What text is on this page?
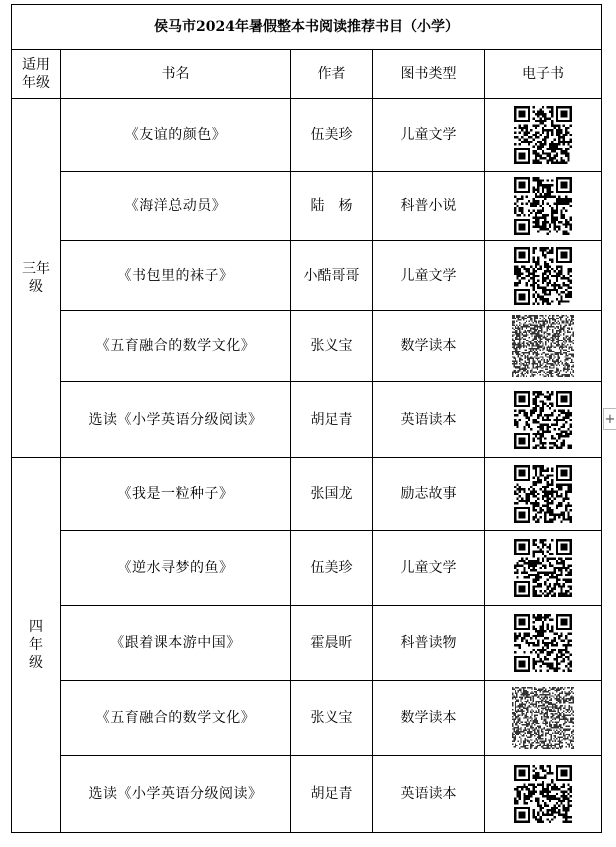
侯马市2024年暑假整本书阅读推荐书目（小学）				
适用
年级	书名	作者	图书类型	电子书
三年
级	《友谊的颜色》	伍美珍	儿童文学	

	《海洋总动员》	陆　杨	科普小说	

	《书包里的袜子》	小酷哥哥	儿童文学	

	《五育融合的数学文化》	张义宝	数学读本	

	选读《小学英语分级阅读》	胡足青	英语读本	

四
年
级	《我是一粒种子》	张国龙	励志故事	

	《逆水寻梦的鱼》	伍美珍	儿童文学	

	《跟着课本游中国》	霍晨昕	科普读物	

	《五育融合的数学文化》	张义宝	数学读本	

	选读《小学英语分级阅读》	胡足青	英语读本	
+
